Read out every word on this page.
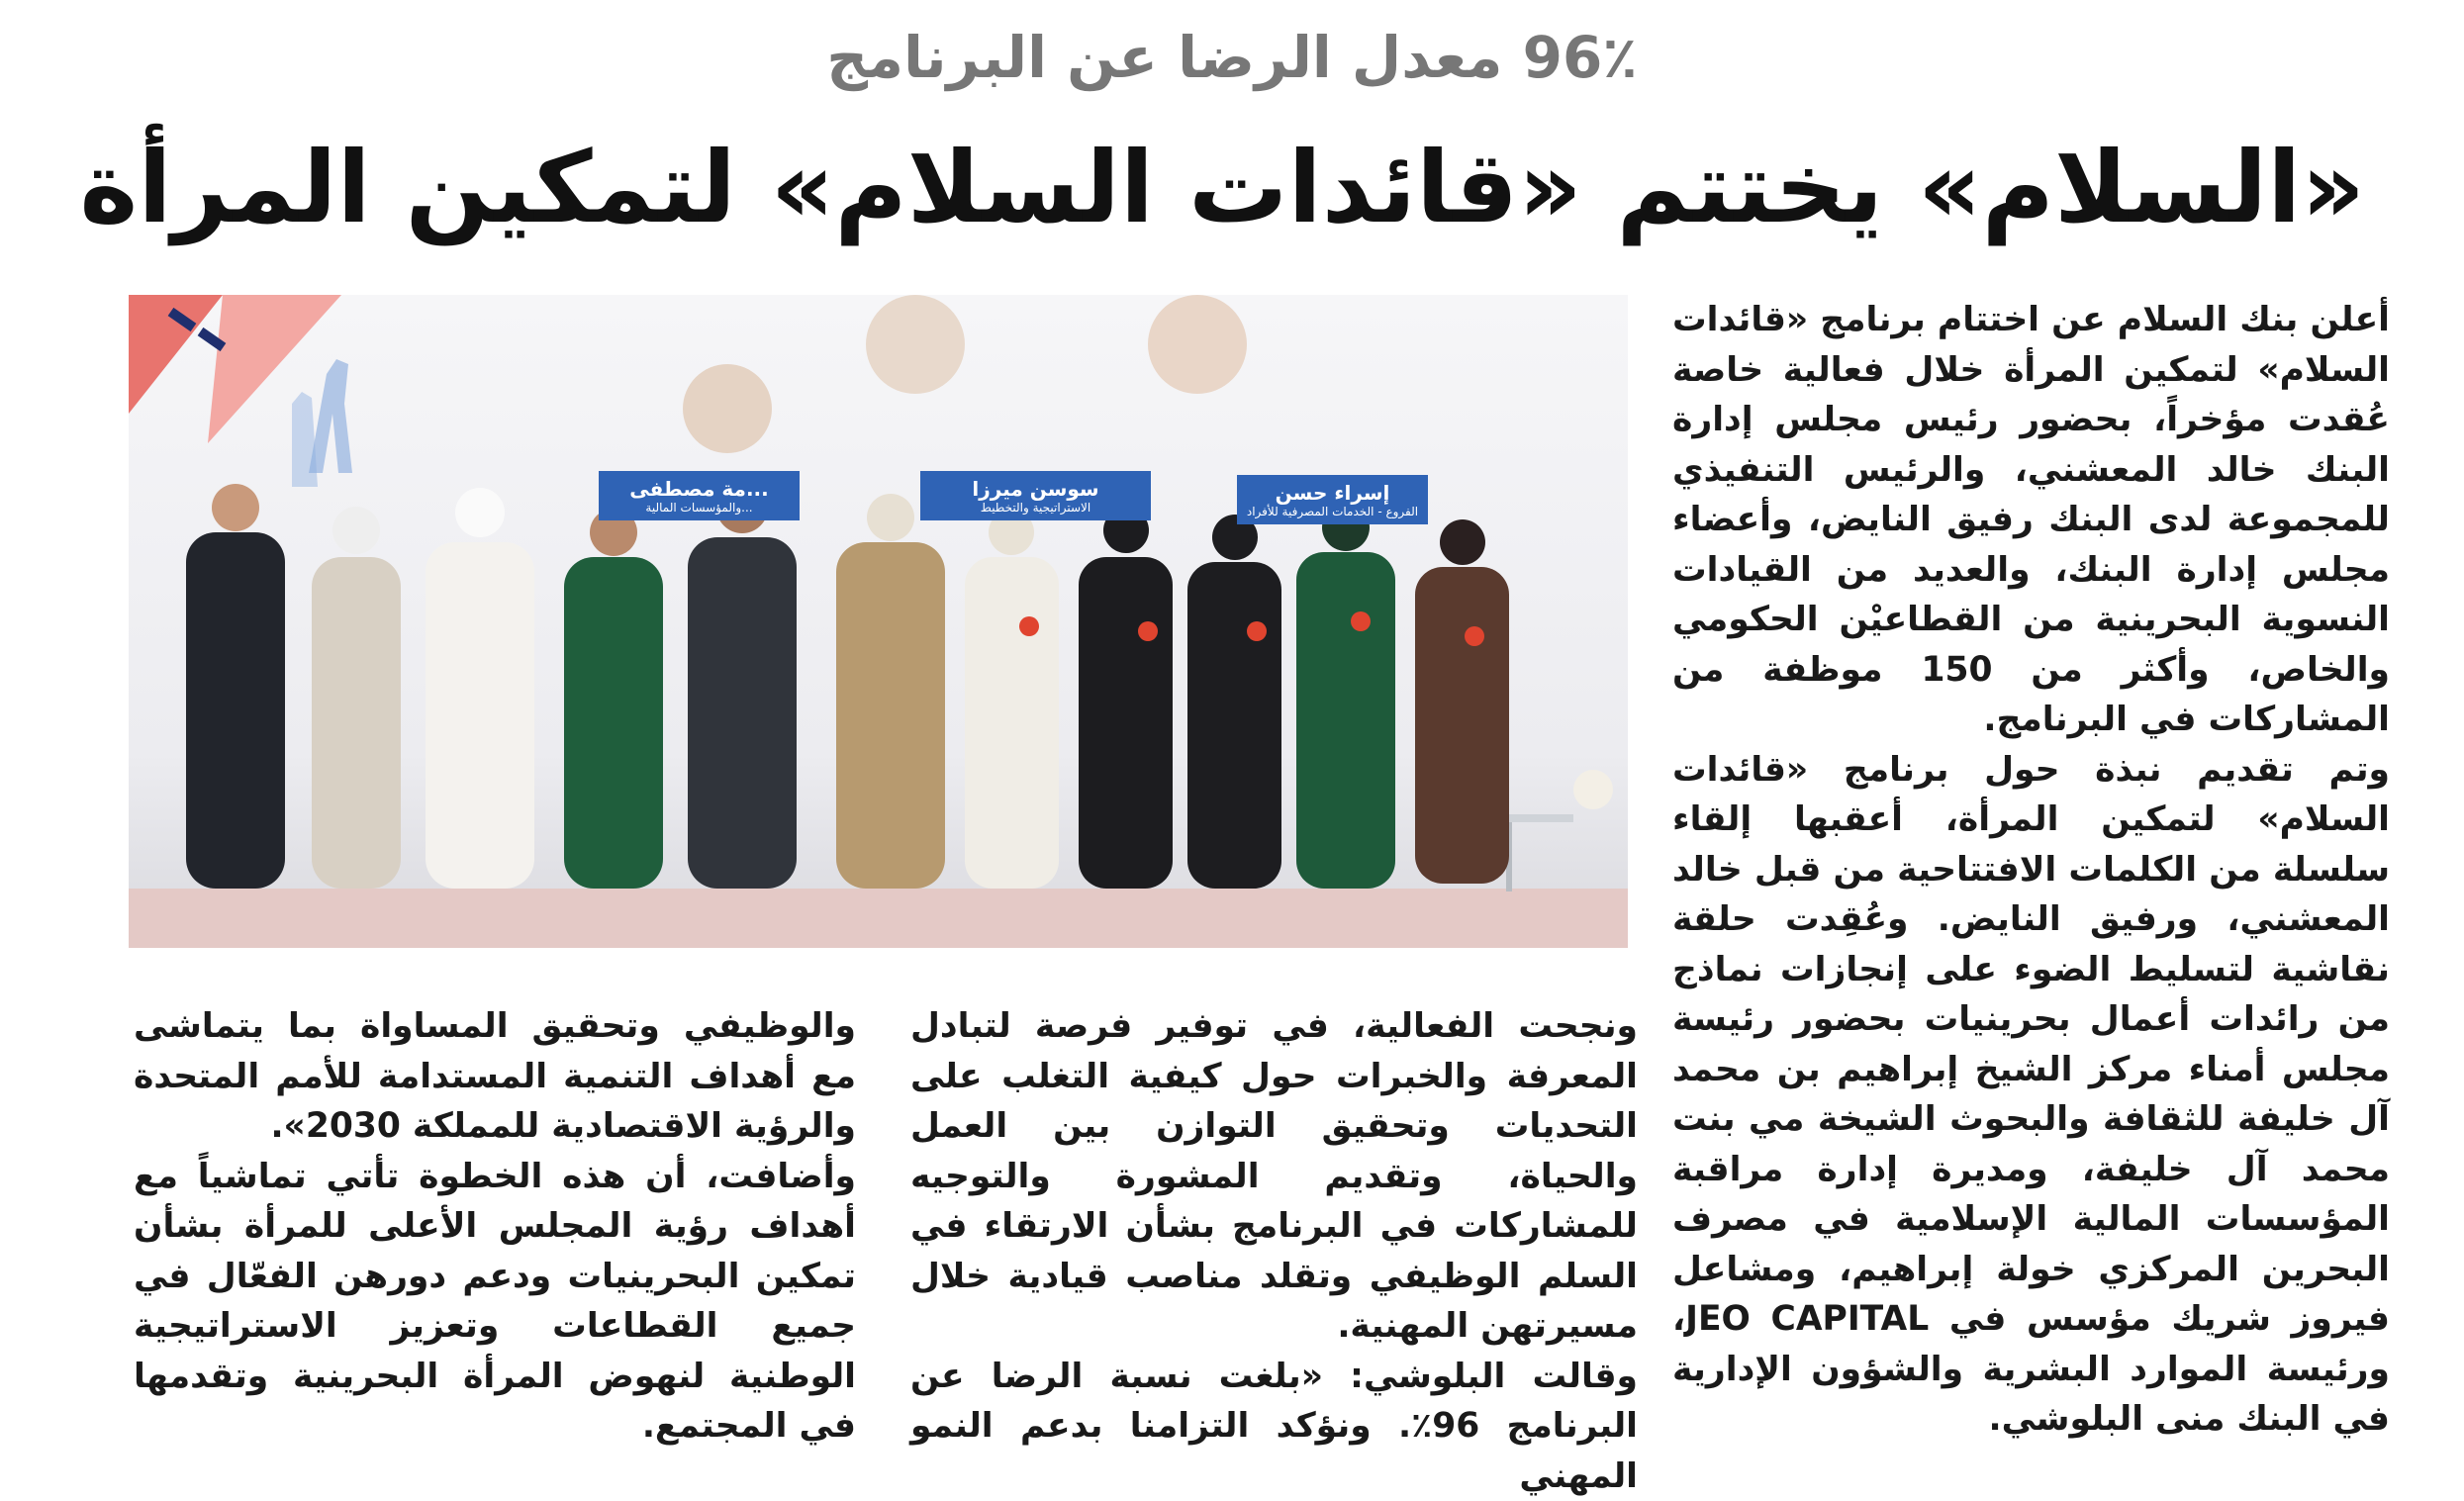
96٪ معدل الرضا عن البرنامج
«السلام» يختتم «قائدات السلام» لتمكين المرأة
إسراء حسن
الفروع - الخدمات المصرفية للأفراد
سوسن ميرزا
الاستراتيجية والتخطيط
...مة مصطفى
...والمؤسسات المالية

أعلن بنك السلام عن اختتام برنامج «قائدات السلام» لتمكين المرأة خلال فعالية خاصة عُقدت مؤخراً، بحضور رئيس مجلس إدارة البنك خالد المعشني، والرئيس التنفيذي للمجموعة لدى البنك رفيق النايض، وأعضاء مجلس إدارة البنك، والعديد من القيادات النسوية البحرينية من القطاعيْن الحكومي والخاص، وأكثر من 150 موظفة من المشاركات في البرنامج.

وتم تقديم نبذة حول برنامج «قائدات السلام» لتمكين المرأة، أعقبها إلقاء سلسلة من الكلمات الافتتاحية من قبل خالد المعشني، ورفيق النايض. وعُقِدت حلقة نقاشية لتسليط الضوء على إنجازات نماذج من رائدات أعمال بحرينيات بحضور رئيسة مجلس أمناء مركز الشيخ إبراهيم بن محمد آل خليفة للثقافة والبحوث الشيخة مي بنت محمد آل خليفة، ومديرة إدارة مراقبة المؤسسات المالية الإسلامية في مصرف البحرين المركزي خولة إبراهيم، ومشاعل فيروز شريك مؤسس في JEO CAPITAL، ورئيسة الموارد البشرية والشؤون الإدارية في البنك منى البلوشي.

ونجحت الفعالية، في توفير فرصة لتبادل المعرفة والخبرات حول كيفية التغلب على التحديات وتحقيق التوازن بين العمل والحياة، وتقديم المشورة والتوجيه للمشاركات في البرنامج بشأن الارتقاء في السلم الوظيفي وتقلد مناصب قيادية خلال مسيرتهن المهنية.

وقالت البلوشي: «بلغت نسبة الرضا عن البرنامج 96٪. ونؤكد التزامنا بدعم النمو المهني

والوظيفي وتحقيق المساواة بما يتماشى مع أهداف التنمية المستدامة للأمم المتحدة والرؤية الاقتصادية للمملكة 2030».

وأضافت، أن هذه الخطوة تأتي تماشياً مع أهداف رؤية المجلس الأعلى للمرأة بشأن تمكين البحرينيات ودعم دورهن الفعّال في جميع القطاعات وتعزيز الاستراتيجية الوطنية لنهوض المرأة البحرينية وتقدمها في المجتمع.
